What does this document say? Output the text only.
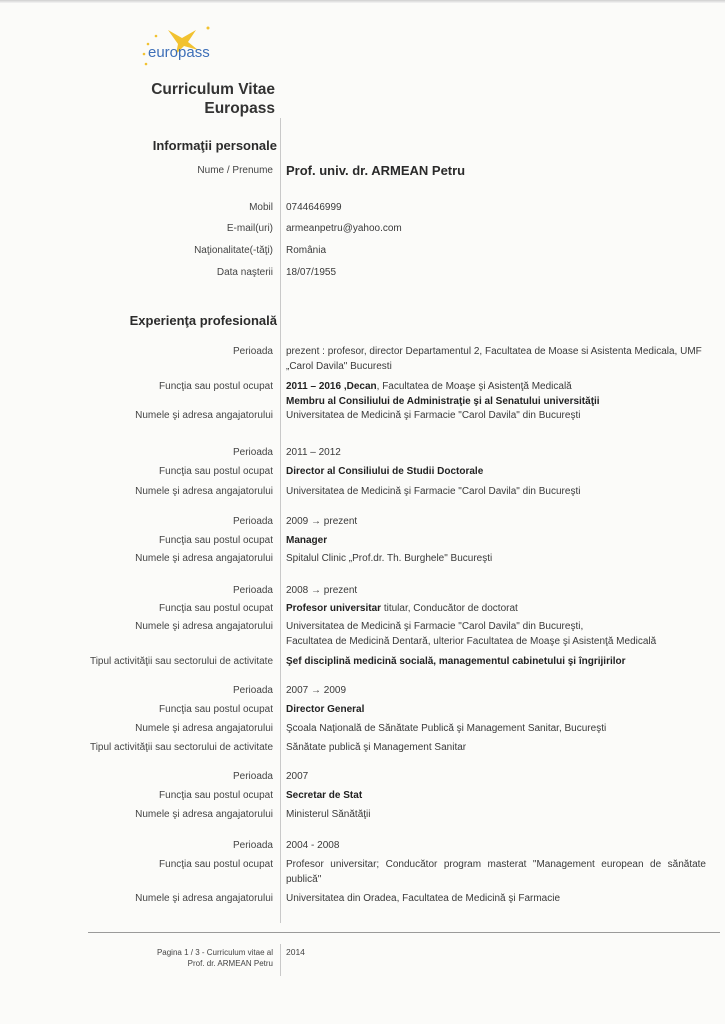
europass
Curriculum Vitae
Europass
Informaţii personale
Nume / Prenume Prof. univ. dr. ARMEAN Petru
Mobil 0744646999
E-mail(uri) armeanpetru@yahoo.com
Naţionalitate(-tăţi) România
Data naşterii 18/07/1955
Experienţa profesională
Perioada prezent : profesor, director Departamentul 2, Facultatea de Moase si Asistenta Medicala, UMF „Carol Davila" Bucuresti
Funcţia sau postul ocupat 2011 – 2016 ,Decan, Facultatea de Moaşe şi Asistenţă Medicală
Membru al Consiliului de Administraţie şi al Senatului universităţii
Numele şi adresa angajatorului Universitatea de Medicină şi Farmacie "Carol Davila" din Bucureşti
Perioada 2011 – 2012
Funcţia sau postul ocupat Director al Consiliului de Studii Doctorale
Numele şi adresa angajatorului Universitatea de Medicină şi Farmacie "Carol Davila" din Bucureşti
Perioada 2009 → prezent
Funcţia sau postul ocupat Manager
Numele şi adresa angajatorului Spitalul Clinic „Prof.dr. Th. Burghele" Bucureşti
Perioada 2008 → prezent
Funcţia sau postul ocupat Profesor universitar titular, Conducător de doctorat
Numele şi adresa angajatorului Universitatea de Medicină şi Farmacie "Carol Davila" din Bucureşti,
Facultatea de Medicină Dentară, ulterior Facultatea de Moaşe şi Asistenţă Medicală
Tipul activităţii sau sectorului de activitate Şef disciplină medicină socială, managementul cabinetului şi îngrijirilor
Perioada 2007 → 2009
Funcţia sau postul ocupat Director General
Numele şi adresa angajatorului Şcoala Naţională de Sănătate Publică şi Management Sanitar, Bucureşti
Tipul activităţii sau sectorului de activitate Sănătate publică şi Management Sanitar
Perioada 2007
Funcţia sau postul ocupat Secretar de Stat
Numele şi adresa angajatorului Ministerul Sănătăţii
Perioada 2004 - 2008
Funcţia sau postul ocupat Profesor universitar; Conducător program masterat "Management european de sănătate publică"
Numele şi adresa angajatorului Universitatea din Oradea, Facultatea de Medicină şi Farmacie
Pagina 1 / 3 - Curriculum vitae al
Prof. dr. ARMEAN Petru
2014
